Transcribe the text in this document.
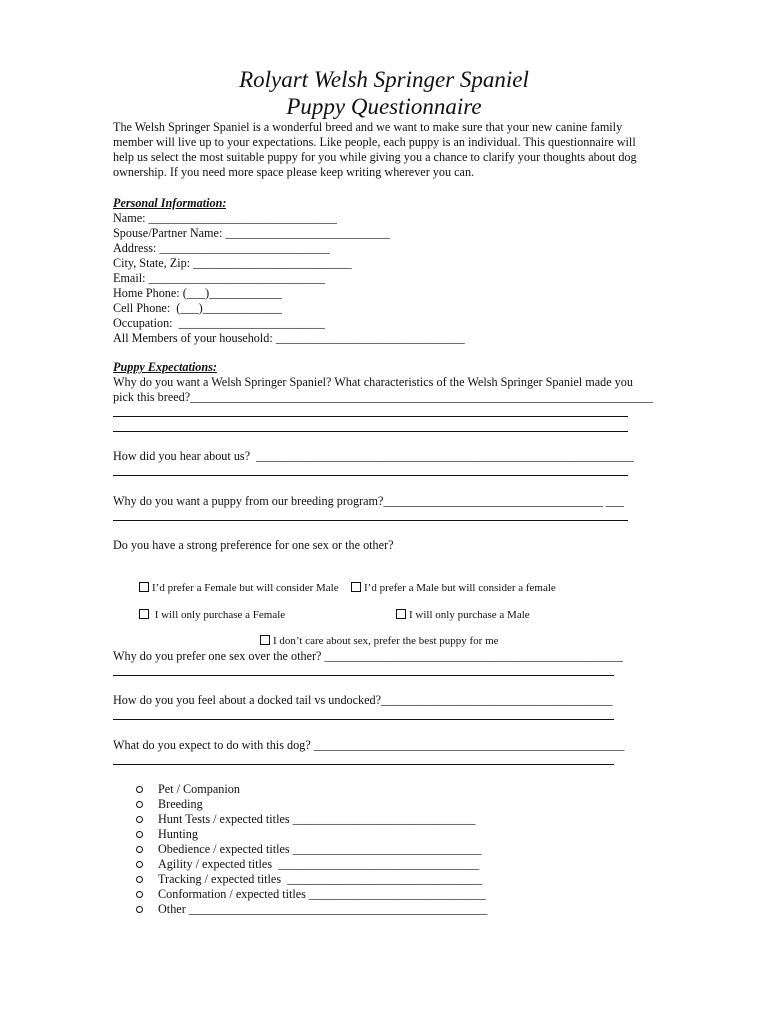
Rolyart Welsh Springer Spaniel
Puppy Questionnaire
The Welsh Springer Spaniel is a wonderful breed and we want to make sure that your new canine family member will live up to your expectations. Like people, each puppy is an individual. This questionnaire will help us select the most suitable puppy for you while giving you a chance to clarify your thoughts about dog ownership. If you need more space please keep writing wherever you can.
Personal Information:
Name: _______________________________
Spouse/Partner Name: ___________________________
Address: ____________________________
City, State, Zip: __________________________
Email: _____________________________
Home Phone: (___)____________
Cell Phone:  (___)_____________
Occupation:  ________________________
All Members of your household: _______________________________
Puppy Expectations:
Why do you want a Welsh Springer Spaniel? What characteristics of the Welsh Springer Spaniel made you
pick this breed?____________________________________________________________________________
How did you hear about us?  ______________________________________________________________
Why do you want a puppy from our breeding program?____________________________________ ___
Do you have a strong preference for one sex or the other?

I’d prefer a Female but will consider Male
	I’d prefer a Male but will consider a female

I will only purchase a Female
	I will only purchase a Male

I don’t care about sex, prefer the best puppy for me

Why do you prefer one sex over the other? _________________________________________________
How do you you feel about a docked tail vs undocked?______________________________________
What do you expect to do with this dog? ___________________________________________________
Pet / Companion
Breeding
Hunt Tests / expected titles ______________________________
Hunting
Obedience / expected titles _______________________________
Agility / expected titles  _________________________________
Tracking / expected titles  ________________________________
Conformation / expected titles _____________________________
Other _________________________________________________
